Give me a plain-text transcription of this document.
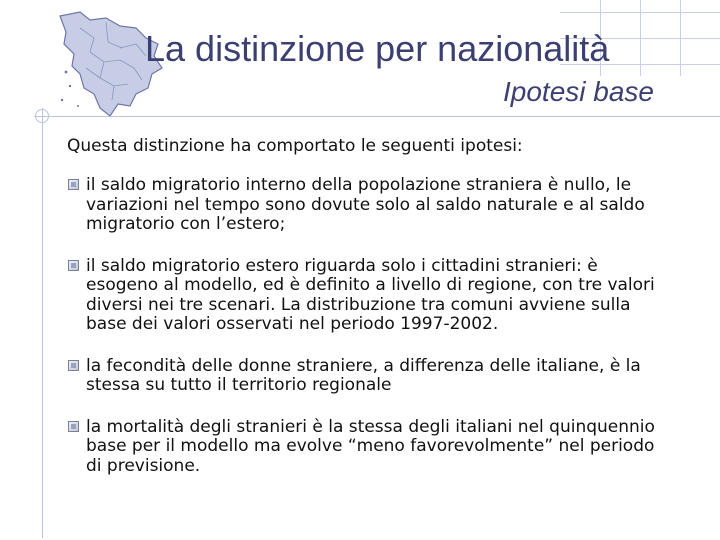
La distinzione per nazionalità
Ipotesi base
Questa distinzione ha comportato le seguenti ipotesi:
il saldo migratorio interno della popolazione straniera è nullo, le variazioni nel tempo sono dovute solo al saldo naturale e al saldo migratorio con l’estero;
il saldo migratorio estero riguarda solo i cittadini stranieri: è esogeno al modello, ed è definito a livello di regione, con tre valori diversi nei tre scenari. La distribuzione tra comuni avviene sulla base dei valori osservati nel periodo 1997-2002.
la fecondità delle donne straniere, a differenza delle italiane, è la stessa su tutto il territorio regionale
la mortalità degli stranieri è la stessa degli italiani nel quinquennio base per il modello ma evolve “meno favorevolmente” nel periodo di previsione.
